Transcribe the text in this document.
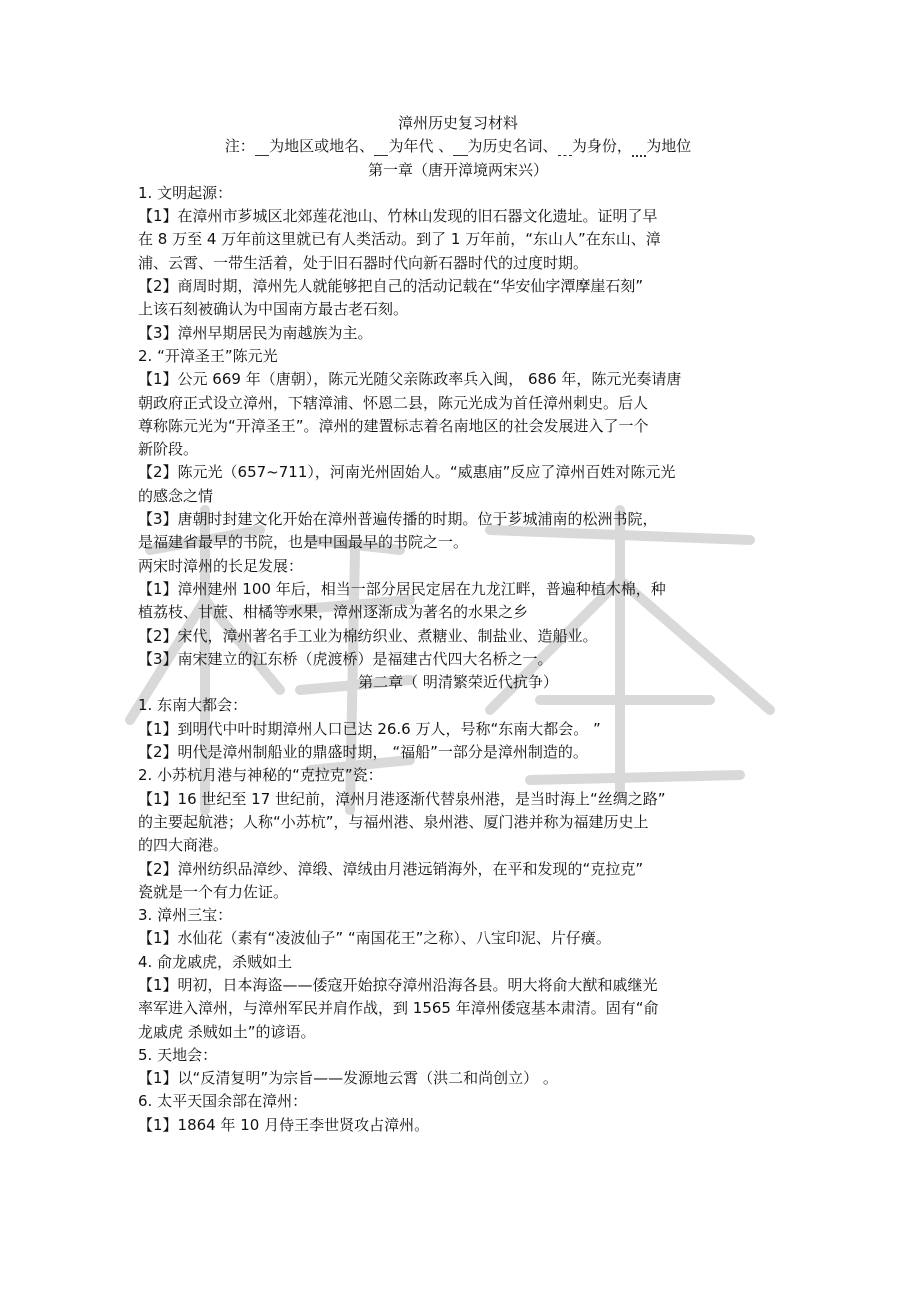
漳州历史复习材料
注： 为地区或地名、 为年代 、 为历史名词、 为身份， 为地位
第一章（唐开漳境两宋兴）
1. 文明起源：
【1】在漳州市芗城区北郊莲花池山、竹林山发现的旧石器文化遗址。证明了早
在 8 万至 4 万年前这里就已有人类活动。到了 1 万年前，“东山人”在东山、漳
浦、云霄、一带生活着，处于旧石器时代向新石器时代的过度时期。
【2】商周时期，漳州先人就能够把自己的活动记载在“华安仙字潭摩崖石刻”
上该石刻被确认为中国南方最古老石刻。
【3】漳州早期居民为南越族为主。
2. “开漳圣王”陈元光
【1】公元 669 年（唐朝），陈元光随父亲陈政率兵入闽， 686 年，陈元光奏请唐
朝政府正式设立漳州，下辖漳浦、怀恩二县，陈元光成为首任漳州刺史。后人
尊称陈元光为“开漳圣王”。漳州的建置标志着名南地区的社会发展进入了一个
新阶段。
【2】陈元光（657~711），河南光州固始人。“威惠庙”反应了漳州百姓对陈元光
的感念之情
【3】唐朝时封建文化开始在漳州普遍传播的时期。位于芗城浦南的松洲书院，
是福建省最早的书院，也是中国最早的书院之一。
两宋时漳州的长足发展：
【1】漳州建州 100 年后，相当一部分居民定居在九龙江畔，普遍种植木棉，种
植荔枝、甘蔗、柑橘等水果，漳州逐渐成为著名的水果之乡
【2】宋代，漳州著名手工业为棉纺织业、煮糖业、制盐业、造船业。
【3】南宋建立的江东桥（虎渡桥）是福建古代四大名桥之一。
第二章（ 明清繁荣近代抗争）
1. 东南大都会：
【1】到明代中叶时期漳州人口已达 26.6 万人，号称“东南大都会。 ”
【2】明代是漳州制船业的鼎盛时期， “福船”一部分是漳州制造的。
2. 小苏杭月港与神秘的“克拉克”瓷：
【1】16 世纪至 17 世纪前，漳州月港逐渐代替泉州港，是当时海上“丝绸之路”
的主要起航港；人称“小苏杭”，与福州港、泉州港、厦门港并称为福建历史上
的四大商港。
【2】漳州纺织品漳纱、漳缎、漳绒由月港远销海外，在平和发现的“克拉克”
瓷就是一个有力佐证。
3. 漳州三宝：
【1】水仙花（素有“凌波仙子” “南国花王”之称）、八宝印泥、片仔癀。
4. 俞龙戚虎，杀贼如土
【1】明初，日本海盗——倭寇开始掠夺漳州沿海各县。明大将俞大猷和戚继光
率军进入漳州，与漳州军民并肩作战，到 1565 年漳州倭寇基本肃清。固有“俞
龙戚虎 杀贼如土”的谚语。
5. 天地会：
【1】以“反清复明”为宗旨——发源地云霄（洪二和尚创立） 。
6. 太平天国余部在漳州：
【1】1864 年 10 月侍王李世贤攻占漳州。
